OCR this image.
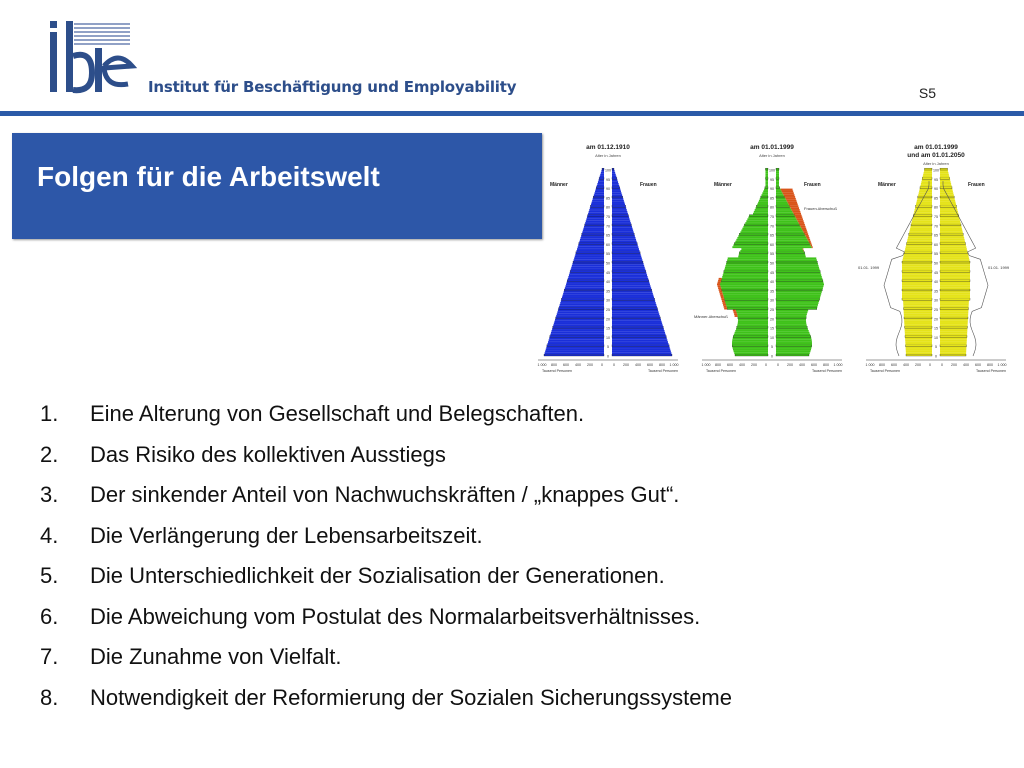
Institut für Beschäftigung und Employability	S5
Folgen für die Arbeitswelt
am 01.12.1910
Alter in Jahren
Männer	Frauen
100
95
90
85
80
75
70
65
60
55
50
45
40
35
30
25
20
15
10
5
0
1 000 800 600 400 200 0	0 200 400 600 800 1 000
Tausend Personen	Tausend Personen
am 01.01.1999
Alter in Jahren
Männer	Frauen
Frauen-überschuß
Männer-überschuß
100
95
90
85
80
75
70
65
60
55
50
45
40
35
30
25
20
15
10
5
0
1 000 800 600 400 200 0	0 200 400 600 800 1 000
Tausend Personen	Tausend Personen
am 01.01.1999
und am 01.01.2050
Alter in Jahren
Männer	Frauen
01.01. 1999	01.01. 1999
100
95
90
85
80
75
70
65
60
55
50
45
40
35
30
25
20
15
10
5
0
1 000 800 600 400 200 0	0 200 400 600 800 1 000
Tausend Personen	Tausend Personen
1. Eine Alterung von Gesellschaft und Belegschaften.
2. Das Risiko des kollektiven Ausstiegs
3. Der sinkender Anteil von Nachwuchskräften / „knappes Gut“.
4. Die Verlängerung der Lebensarbeitszeit.
5. Die Unterschiedlichkeit der Sozialisation der Generationen.
6. Die Abweichung vom Postulat des Normalarbeitsverhältnisses.
7. Die Zunahme von Vielfalt.
8. Notwendigkeit der Reformierung der Sozialen Sicherungssysteme
